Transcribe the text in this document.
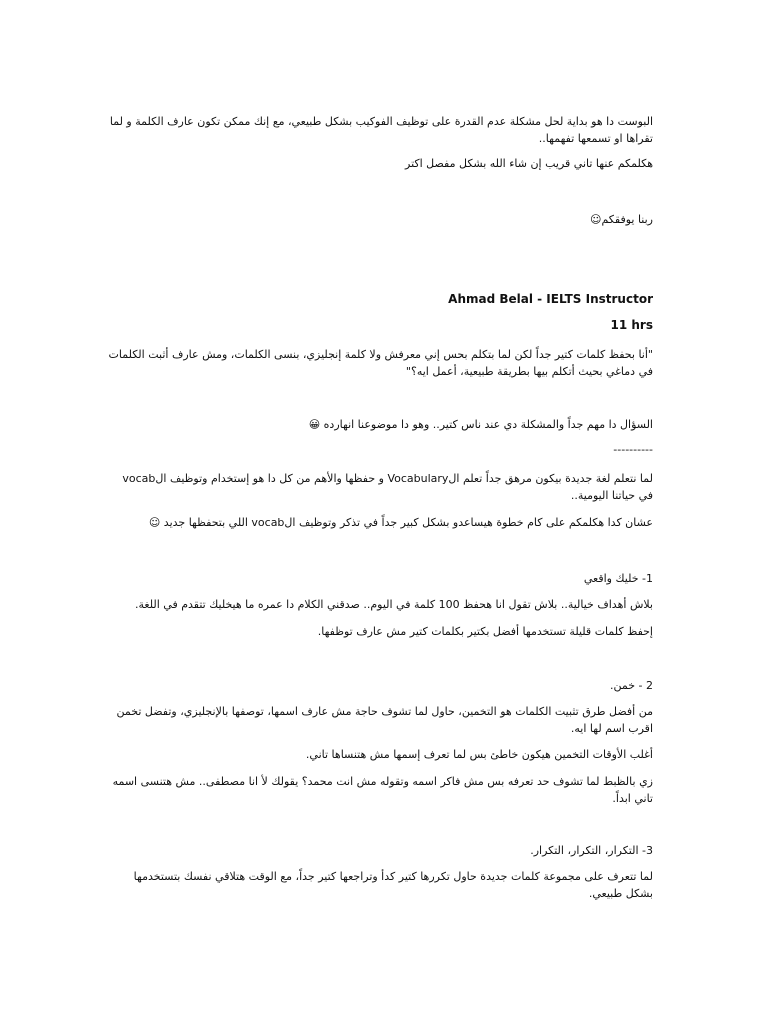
البوست دا هو بداية لحل مشكلة عدم القدرة على توظيف الفوكيب بشكل طبيعي، مع إنك ممكن تكون عارف الكلمة و لما تقراها او تسمعها تفهمها..
هكلمكم عنها تاني قريب إن شاء الله بشكل مفصل اكتر
ربنا يوفقكم☺
Ahmad Belal - IELTS Instructor
11 hrs
"أنا بحفظ كلمات كتير جداً لكن لما بتكلم بحس إني معرفش ولا كلمة إنجليزي، بنسى الكلمات، ومش عارف أثبت الكلمات في دماغي بحيث أتكلم بيها بطريقة طبيعية، أعمل ايه؟"
السؤال دا مهم جداً والمشكلة دي عند ناس كتير.. وهو دا موضوعنا انهارده 😀
----------
لما نتعلم لغة جديدة بيكون مرهق جداً تعلم الVocabulary و حفظها والأهم من كل دا هو إستخدام وتوظيف الvocab في حياتنا اليومية..
عشان كدا هكلمكم على كام خطوة هيساعدو بشكل كبير جداً في تذكر وتوظيف الvocab اللي بتحفظها جديد ☺
1- خليك واقعي
بلاش أهداف خيالية.. بلاش تقول انا هحفظ 100 كلمة في اليوم.. صدقني الكلام دا عمره ما هيخليك تتقدم في اللغة.
إحفظ كلمات قليلة تستخدمها أفضل بكتير بكلمات كتير مش عارف توظفها.
2 - خمن.
من أفضل طرق تثبيت الكلمات هو التخمين، حاول لما تشوف حاجة مش عارف اسمها، توصفها بالإنجليزي، وتفضل تخمن اقرب اسم لها ايه.
أغلب الأوقات التخمين هيكون خاطئ بس لما تعرف إسمها مش هتنساها تاني.
زي بالظبط لما تشوف حد تعرفه بس مش فاكر اسمه وتقوله مش انت محمد؟ يقولك لأ انا مصطفى.. مش هتنسى اسمه تاني ابداً.
3- التكرار، التكرار، التكرار.
لما تتعرف على مجموعة كلمات جديدة حاول تكررها كتير كدأ وتراجعها كتير جداً، مع الوقت هتلاقي نفسك بتستخدمها بشكل طبيعي.
